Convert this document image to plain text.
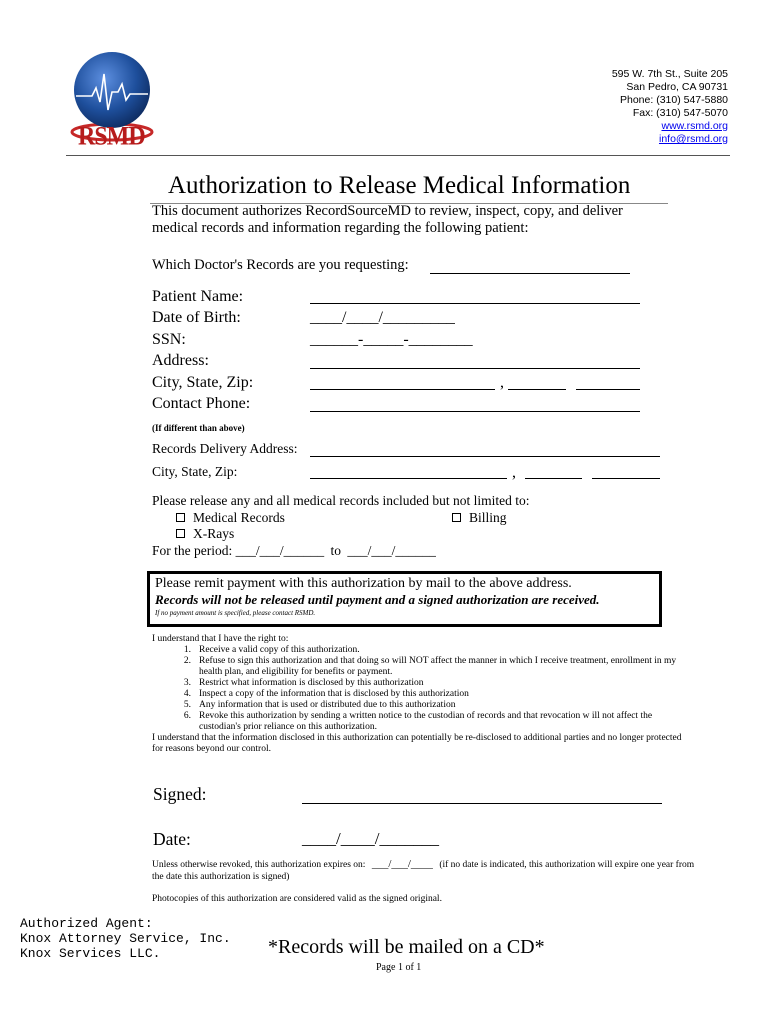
RSMD
595 W. 7th St., Suite 205
San Pedro, CA 90731
Phone: (310) 547-5880
Fax: (310) 547-5070
www.rsmd.org
info@rsmd.org
Authorization to Release Medical Information
This document authorizes RecordSourceMD to review, inspect, copy, and deliver medical records and information regarding the following patient:
Which Doctor's Records are you requesting:
Patient Name:
Date of Birth:	____/____/_________
SSN:	______-_____-________
Address:
City, State, Zip:	,
Contact Phone:
(If different than above)
Records Delivery Address:
City, State, Zip:	,
Please release any and all medical records included but not limited to:
Medical Records	Billing
X-Rays
For the period: ___/___/______ to ___/___/______
Please remit payment with this authorization by mail to the above address.
Records will not be released until payment and a signed authorization are received.
If no payment amount is specified, please contact RSMD.
I understand that I have the right to:
1. Receive a valid copy of this authorization.
2. Refuse to sign this authorization and that doing so will NOT affect the manner in which I receive treatment, enrollment in my health plan, and eligibility for benefits or payment.
3. Restrict what information is disclosed by this authorization
4. Inspect a copy of the information that is disclosed by this authorization
5. Any information that is used or distributed due to this authorization
6. Revoke this authorization by sending a written notice to the custodian of records and that revocation w ill not affect the custodian's prior reliance on this authorization.
I understand that the information disclosed in this authorization can potentially be re-disclosed to additional parties and no longer protected for reasons beyond our control.
Signed:
Date:	____/____/_______
Unless otherwise revoked, this authorization expires on: ___/___/____ (if no date is indicated, this authorization will expire one year from the date this authorization is signed)
Photocopies of this authorization are considered valid as the signed original.
Authorized Agent:
Knox Attorney Service, Inc.
Knox Services LLC.	*Records will be mailed on a CD*
Page 1 of 1
